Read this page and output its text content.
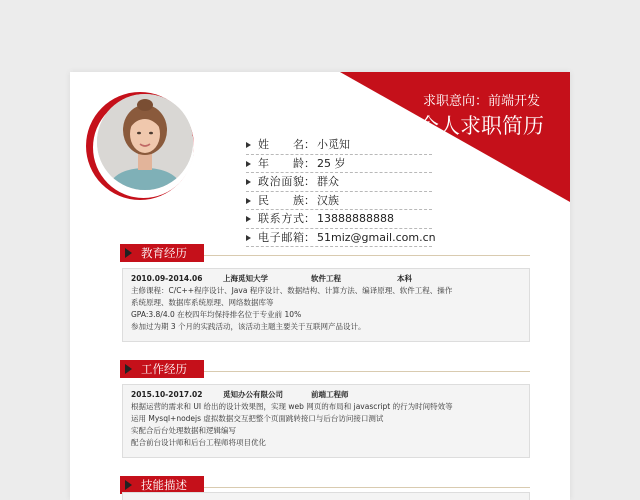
求职意向：前端开发
个人求职简历
姓名： 小觅知
年龄： 25 岁
政治面貌： 群众
民族： 汉族
联系方式： 13888888888
电子邮箱： 51miz@gmail.com.cn
教育经历
2010.09-2014.06	上海觅知大学	软件工程	本科

主修课程：C/C++程序设计、Java 程序设计、数据结构、计算方法、编译原理、软件工程、操作

系统原理、数据库系统原理、网络数据库等

GPA:3.8/4.0 在校四年均保持排名位于专业前 10%

参加过为期 3 个月的实践活动，该活动主题主要关于互联网产品设计。

工作经历
2015.10-2017.02	觅知办公有限公司	前端工程师

根据运营的需求和 UI 给出的设计效果图，实现 web 网页的布局和 javascript 的行为时间特效等

运用 Mysql+nodejs 虚拟数据交互把整个页面跳转接口与后台访问接口测试

实配合后台处理数据和逻辑编写

配合前台设计师和后台工程师将项目优化

技能描述
